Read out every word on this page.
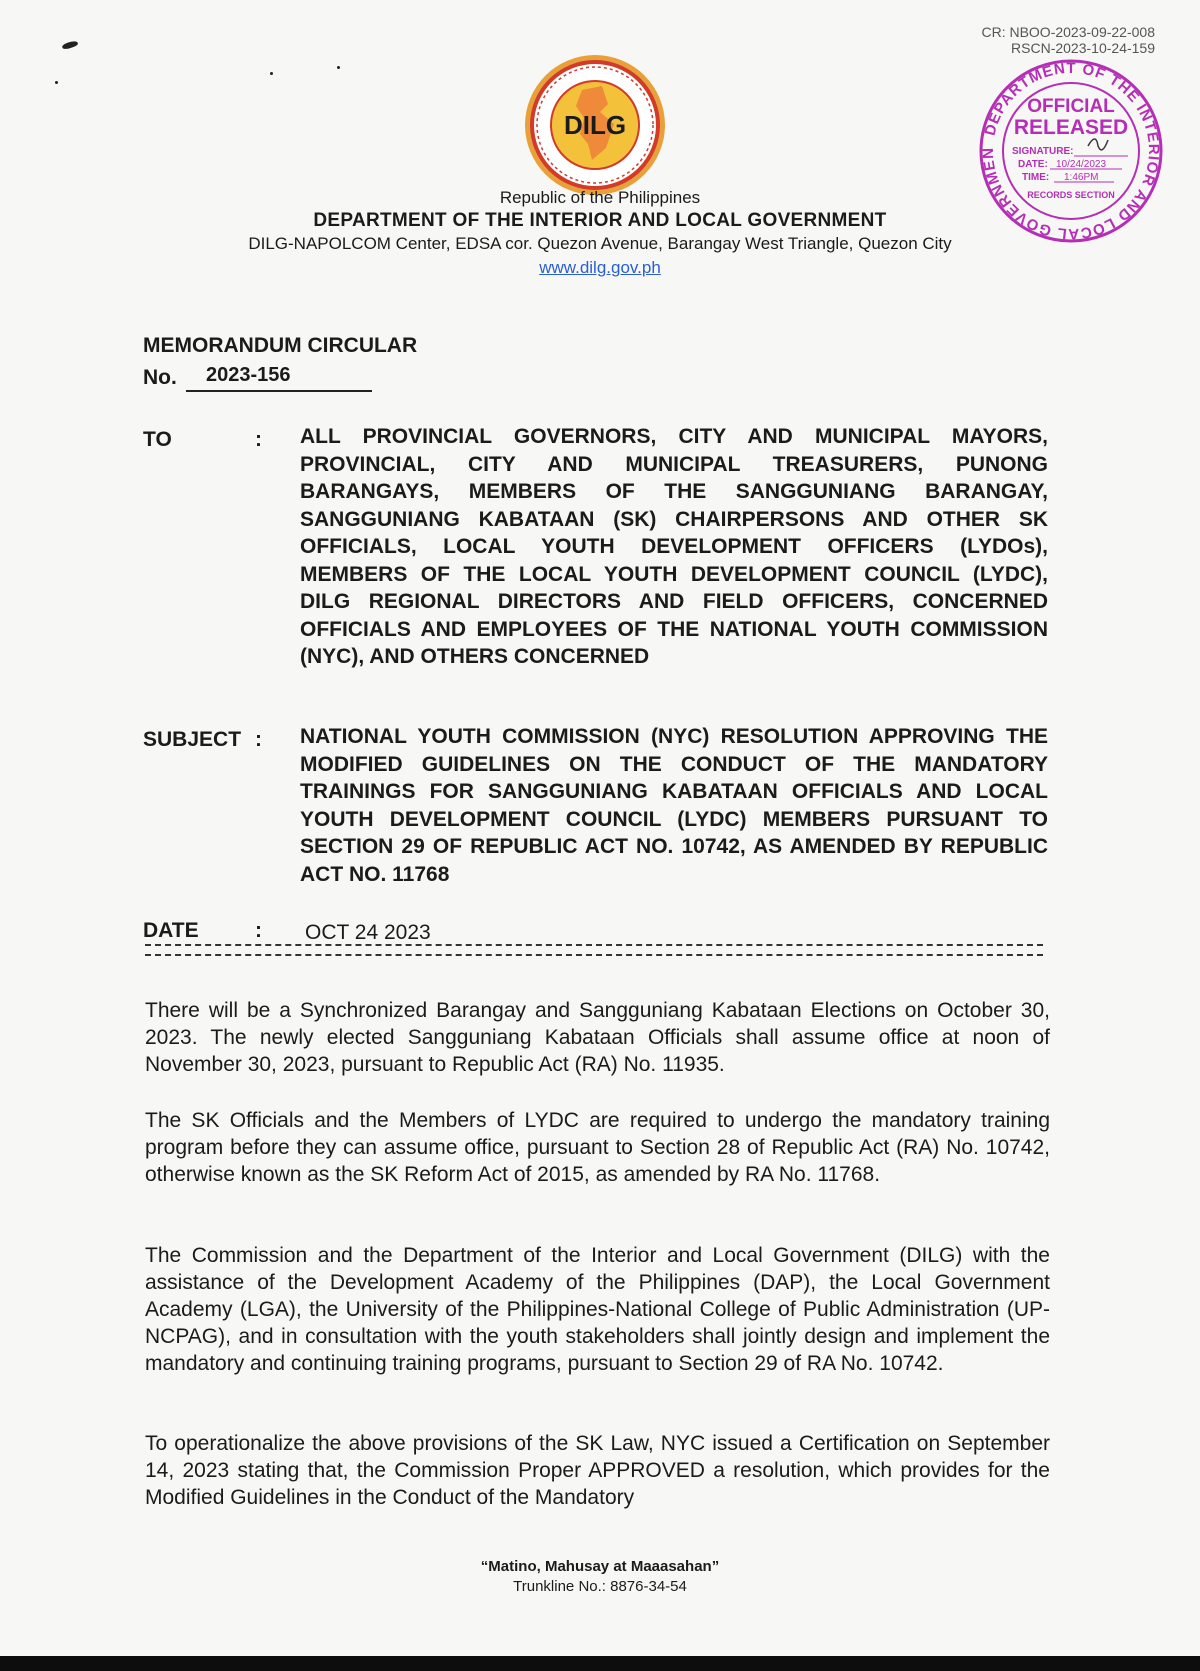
CR: NBOO-2023-09-22-008
RSCN-2023-10-24-159
DILG	DEPARTMENT OF THE INTERIOR AND LOCAL GOVERNMEN
OFFICIAL
RELEASED
SIGNATURE:
DATE: 10/24/2023
TIME: 1:46PM
RECORDS SECTION
Republic of the Philippines
DEPARTMENT OF THE INTERIOR AND LOCAL GOVERNMENT
DILG-NAPOLCOM Center, EDSA cor. Quezon Avenue, Barangay West Triangle, Quezon City
www.dilg.gov.ph
MEMORANDUM CIRCULAR
No.	2023-156
TO	: ALL PROVINCIAL GOVERNORS, CITY AND MUNICIPAL MAYORS, PROVINCIAL, CITY AND MUNICIPAL TREASURERS, PUNONG BARANGAYS, MEMBERS OF THE SANGGUNIANG BARANGAY, SANGGUNIANG KABATAAN (SK) CHAIRPERSONS AND OTHER SK OFFICIALS, LOCAL YOUTH DEVELOPMENT OFFICERS (LYDOs), MEMBERS OF THE LOCAL YOUTH DEVELOPMENT COUNCIL (LYDC), DILG REGIONAL DIRECTORS AND FIELD OFFICERS, CONCERNED OFFICIALS AND EMPLOYEES OF THE NATIONAL YOUTH COMMISSION (NYC), AND OTHERS CONCERNED
SUBJECT : NATIONAL YOUTH COMMISSION (NYC) RESOLUTION APPROVING THE MODIFIED GUIDELINES ON THE CONDUCT OF THE MANDATORY TRAININGS FOR SANGGUNIANG KABATAAN OFFICIALS AND LOCAL YOUTH DEVELOPMENT COUNCIL (LYDC) MEMBERS PURSUANT TO SECTION 29 OF REPUBLIC ACT NO. 10742, AS AMENDED BY REPUBLIC ACT NO. 11768
DATE	: OCT 24 2023
There will be a Synchronized Barangay and Sangguniang Kabataan Elections on October 30, 2023. The newly elected Sangguniang Kabataan Officials shall assume office at noon of November 30, 2023, pursuant to Republic Act (RA) No. 11935.
The SK Officials and the Members of LYDC are required to undergo the mandatory training program before they can assume office, pursuant to Section 28 of Republic Act (RA) No. 10742, otherwise known as the SK Reform Act of 2015, as amended by RA No. 11768.
The Commission and the Department of the Interior and Local Government (DILG) with the assistance of the Development Academy of the Philippines (DAP), the Local Government Academy (LGA), the University of the Philippines-National College of Public Administration (UP-NCPAG), and in consultation with the youth stakeholders shall jointly design and implement the mandatory and continuing training programs, pursuant to Section 29 of RA No. 10742.
To operationalize the above provisions of the SK Law, NYC issued a Certification on September 14, 2023 stating that, the Commission Proper APPROVED a resolution, which provides for the Modified Guidelines in the Conduct of the Mandatory
“Matino, Mahusay at Maaasahan”
Trunkline No.: 8876-34-54
